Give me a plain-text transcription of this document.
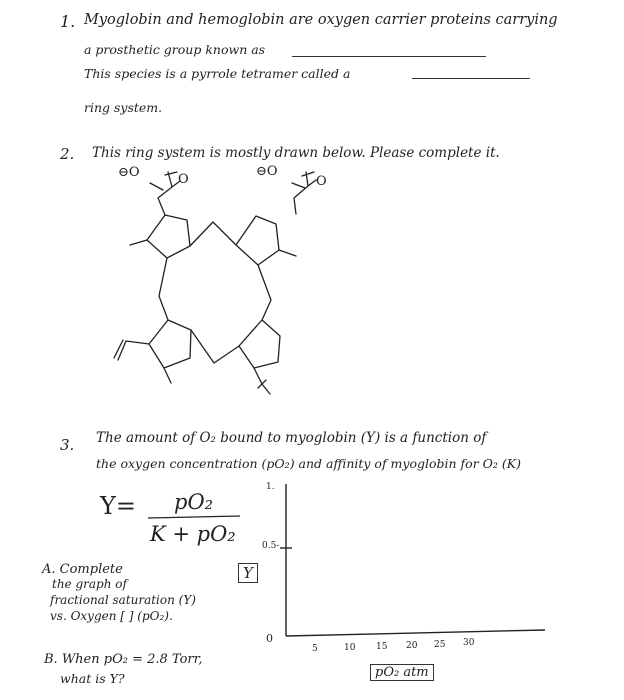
1. Myoglobin and hemoglobin are oxygen carrier proteins carrying
a prosthetic group known as
This species is a pyrrole tetramer called a
ring system.
2. This ring system is mostly drawn below. Please complete it.
⊖O	O
⊖O
O
3. The amount of O₂ bound to myoglobin (Y) is a function of
the oxygen concentration (pO₂) and affinity of myoglobin for O₂ (K)
Y= pO₂
K + pO₂
A. Complete
the graph of
fractional saturation (Y)
vs. Oxygen [ ] (pO₂).
B. When pO₂ = 2.8 Torr,
what is Y?
1.
0.5-
0
Y
5	10 15 20 25 30
pO₂ atm
